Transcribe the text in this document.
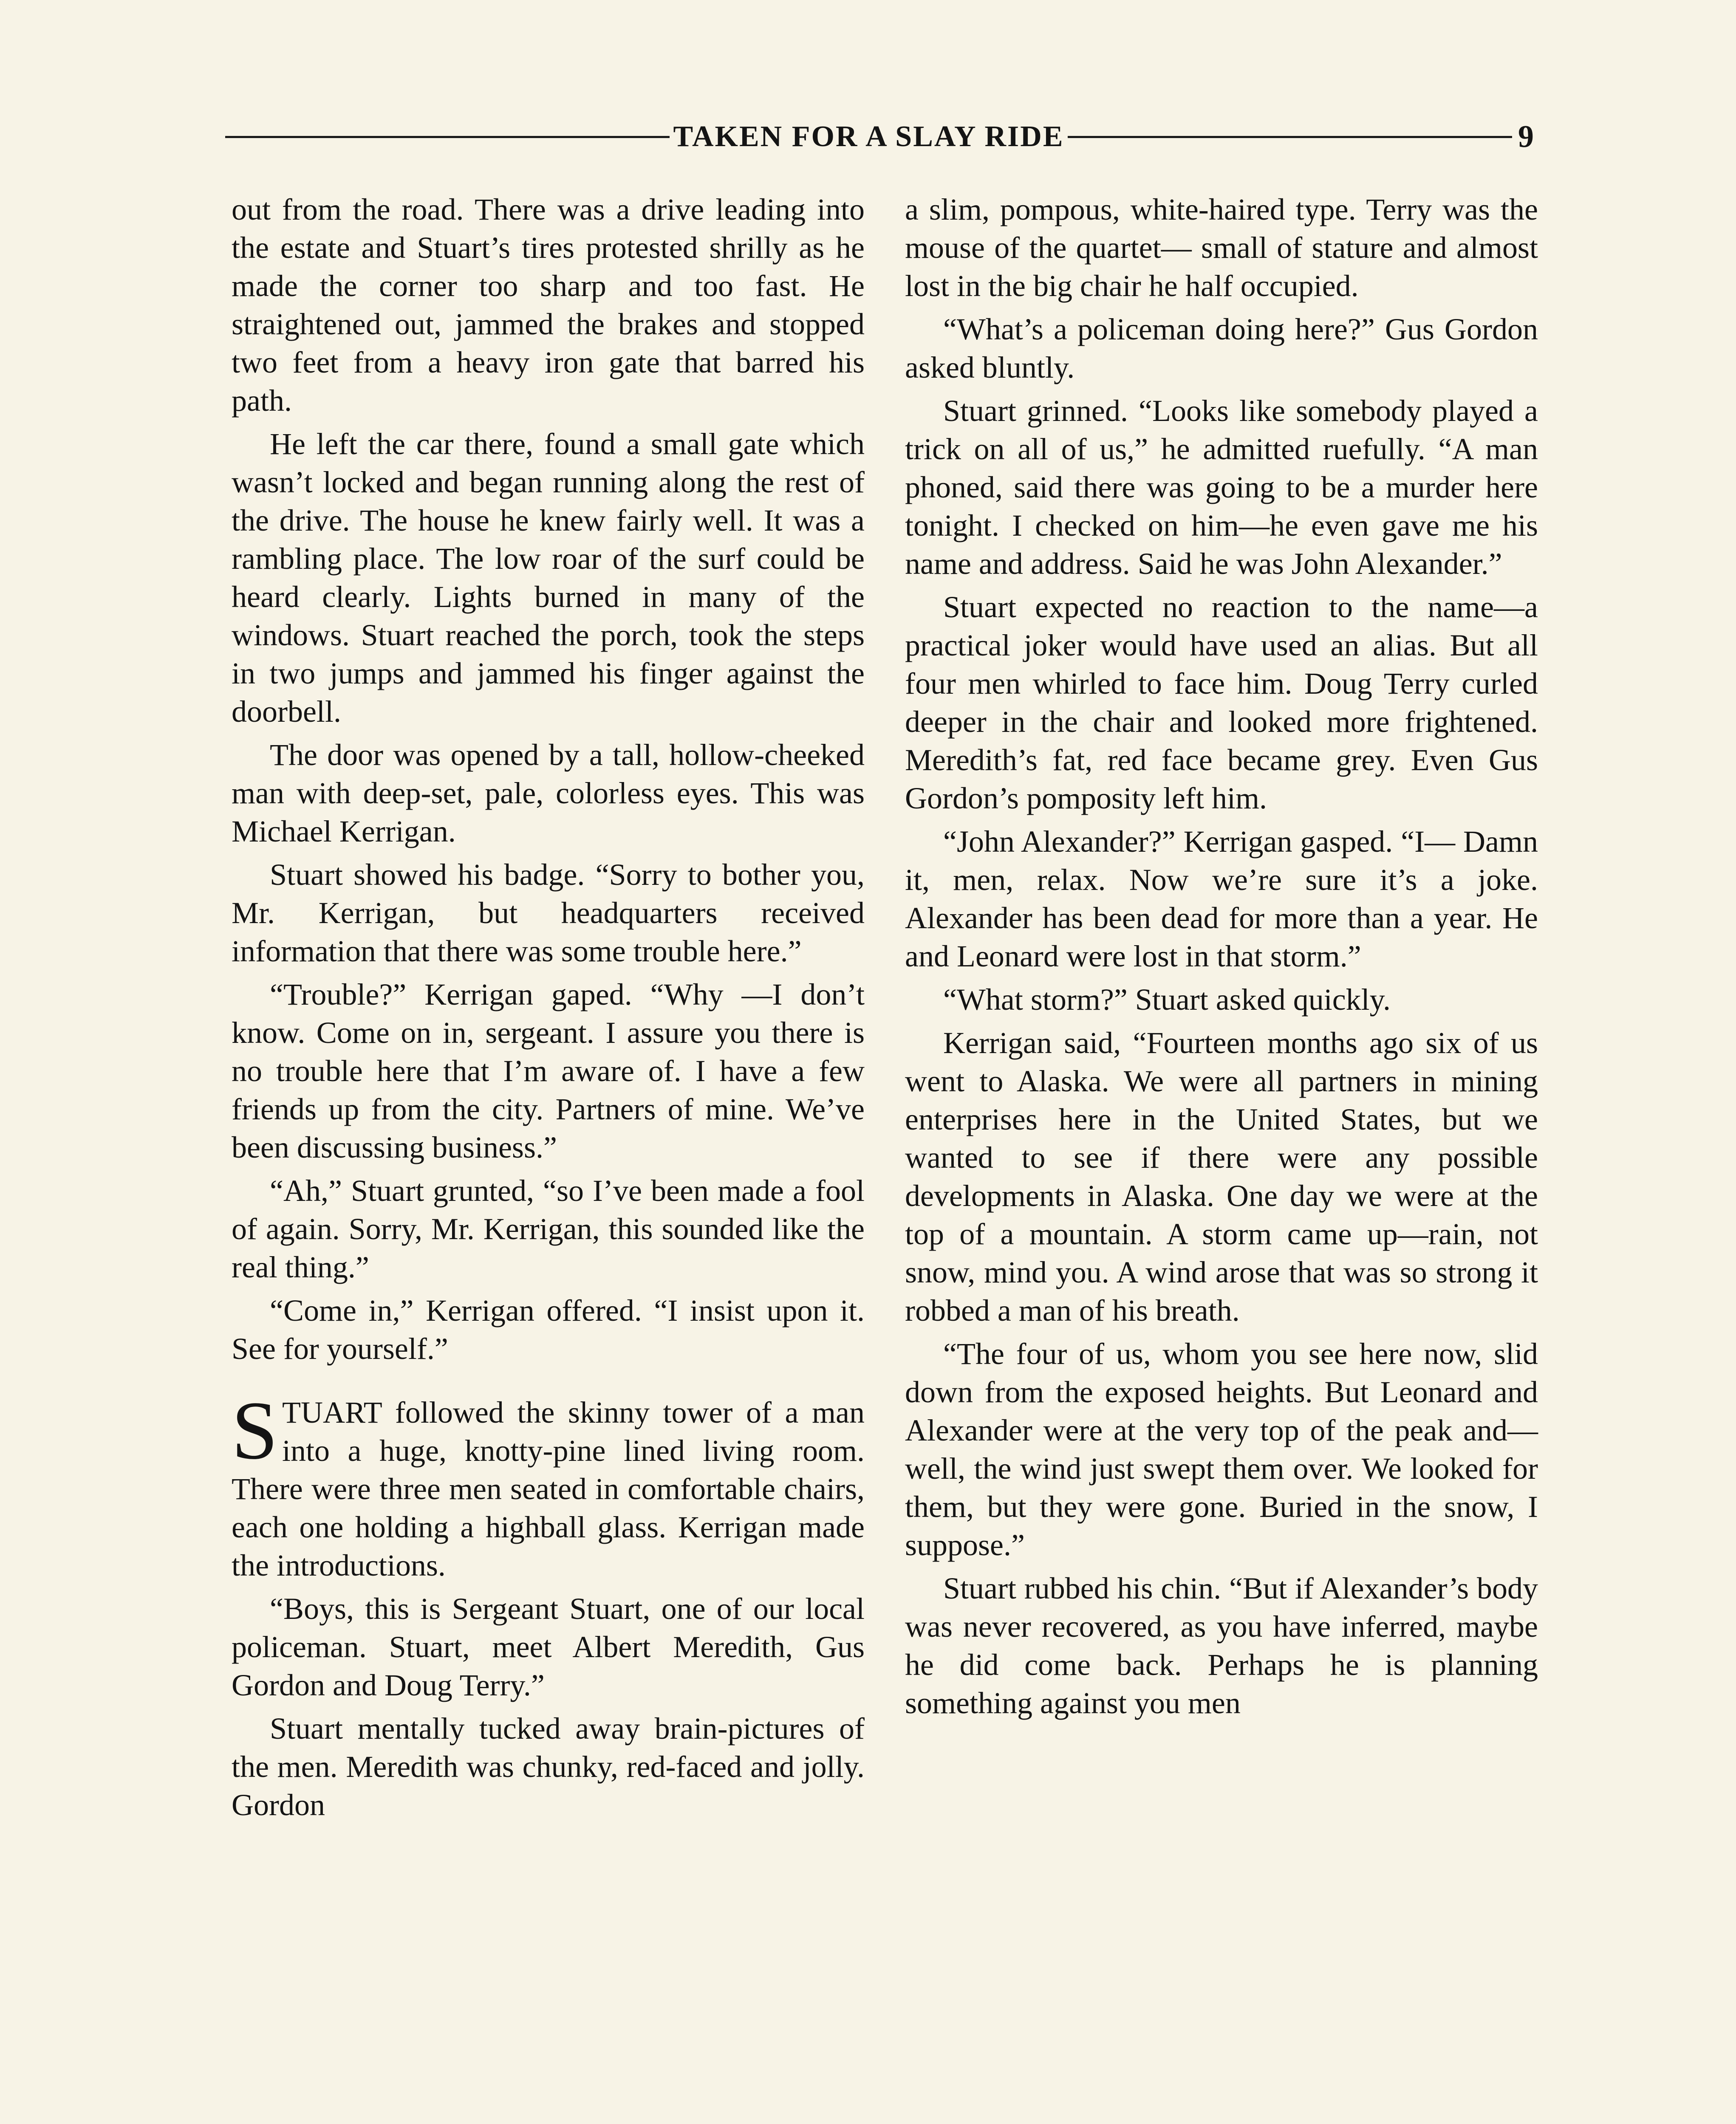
TAKEN FOR A SLAY RIDE	9

out from the road. There was a drive leading into the estate and Stuart’s tires protested shrilly as he made the corner too sharp and too fast. He straightened out, jammed the brakes and stopped two feet from a heavy iron gate that barred his path.

He left the car there, found a small gate which wasn’t locked and began running along the rest of the drive. The house he knew fairly well. It was a rambling place. The low roar of the surf could be heard clearly. Lights burned in many of the windows. Stuart reached the porch, took the steps in two jumps and jammed his finger against the doorbell.

The door was opened by a tall, hollow-cheeked man with deep-set, pale, colorless eyes. This was Michael Kerrigan.

Stuart showed his badge. “Sorry to bother you, Mr. Kerrigan, but headquarters received information that there was some trouble here.”

“Trouble?” Kerrigan gaped. “Why —I don’t know. Come on in, sergeant. I assure you there is no trouble here that I’m aware of. I have a few friends up from the city. Partners of mine. We’ve been discussing business.”

“Ah,” Stuart grunted, “so I’ve been made a fool of again. Sorry, Mr. Kerrigan, this sounded like the real thing.”

“Come in,” Kerrigan offered. “I insist upon it. See for yourself.”

STUART followed the skinny tower of a man into a huge, knotty-pine lined living room. There were three men seated in comfortable chairs, each one holding a highball glass. Kerrigan made the introductions.

“Boys, this is Sergeant Stuart, one of our local policeman. Stuart, meet Albert Meredith, Gus Gordon and Doug Terry.”

Stuart mentally tucked away brain-pictures of the men. Meredith was chunky, red-faced and jolly. Gordon

a slim, pompous, white-haired type. Terry was the mouse of the quartet— small of stature and almost lost in the big chair he half occupied.

“What’s a policeman doing here?” Gus Gordon asked bluntly.

Stuart grinned. “Looks like somebody played a trick on all of us,” he admitted ruefully. “A man phoned, said there was going to be a murder here tonight. I checked on him—he even gave me his name and address. Said he was John Alexander.”

Stuart expected no reaction to the name—a practical joker would have used an alias. But all four men whirled to face him. Doug Terry curled deeper in the chair and looked more frightened. Meredith’s fat, red face became grey. Even Gus Gordon’s pomposity left him.

“John Alexander?” Kerrigan gasped. “I— Damn it, men, relax. Now we’re sure it’s a joke. Alexander has been dead for more than a year. He and Leonard were lost in that storm.”

“What storm?” Stuart asked quickly.

Kerrigan said, “Fourteen months ago six of us went to Alaska. We were all partners in mining enterprises here in the United States, but we wanted to see if there were any possible developments in Alaska. One day we were at the top of a mountain. A storm came up—rain, not snow, mind you. A wind arose that was so strong it robbed a man of his breath.

“The four of us, whom you see here now, slid down from the exposed heights. But Leonard and Alexander were at the very top of the peak and—well, the wind just swept them over. We looked for them, but they were gone. Buried in the snow, I suppose.”

Stuart rubbed his chin. “But if Alexander’s body was never recovered, as you have inferred, maybe he did come back. Perhaps he is planning something against you men
